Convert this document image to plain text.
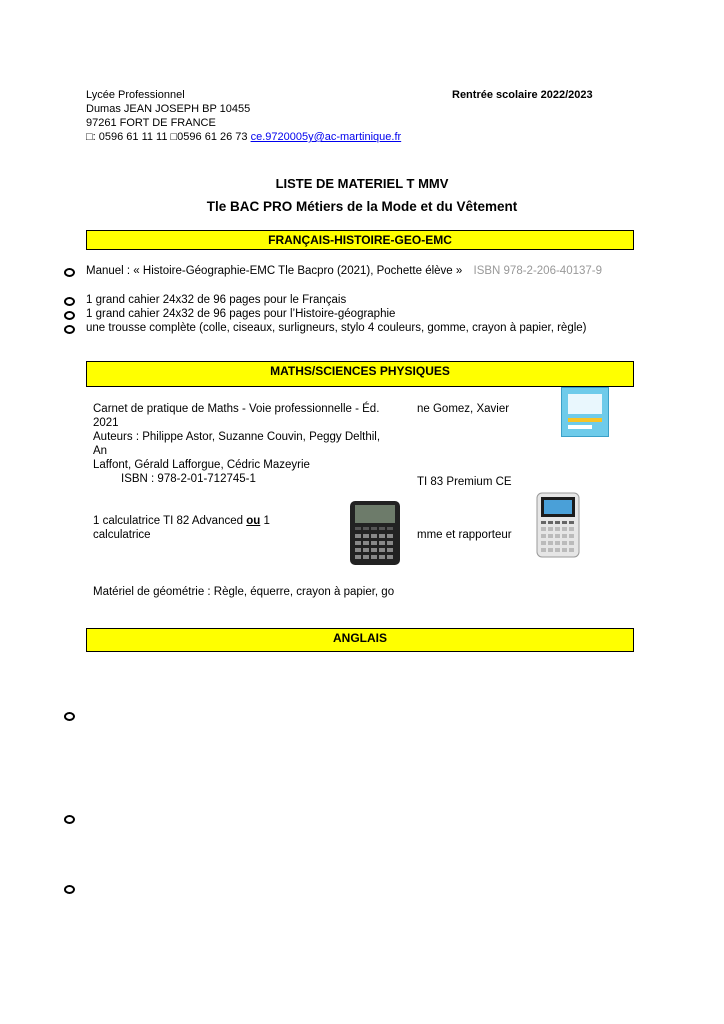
Lycée Professionnel
Dumas JEAN JOSEPH BP 10455
97261 FORT DE FRANCE
□: 0596 61 11 11 □0596 61 26 73 ce.9720005y@ac-martinique.fr
Rentrée scolaire 2022/2023
LISTE DE MATERIEL T MMV
Tle BAC PRO Métiers de la Mode et du Vêtement
FRANÇAIS-HISTOIRE-GEO-EMC
Manuel : « Histoire-Géographie-EMC Tle Bacpro (2021), Pochette élève » ISBN 978-2-206-40137-9
1 grand cahier 24x32 de 96 pages pour le Français
1 grand cahier 24x32 de 96 pages pour l’Histoire-géographie
une trousse complète (colle, ciseaux, surligneurs, stylo 4 couleurs, gomme, crayon à papier, règle)
MATHS/SCIENCES PHYSIQUES
Carnet de pratique de Maths - Voie professionnelle - Éd.
2021
Auteurs : Philippe Astor, Suzanne Couvin, Peggy Delthil,
An
Laffont, Gérald Lafforgue, Cédric Mazeyrie
ISBN : 978-2-01-712745-1
ne Gomez, Xavier
TI 83 Premium CE
1 calculatrice TI 82 Advanced ou 1
calculatrice	mme et rapporteur
Matériel de géométrie : Règle, équerre, crayon à papier, go
ANGLAIS
